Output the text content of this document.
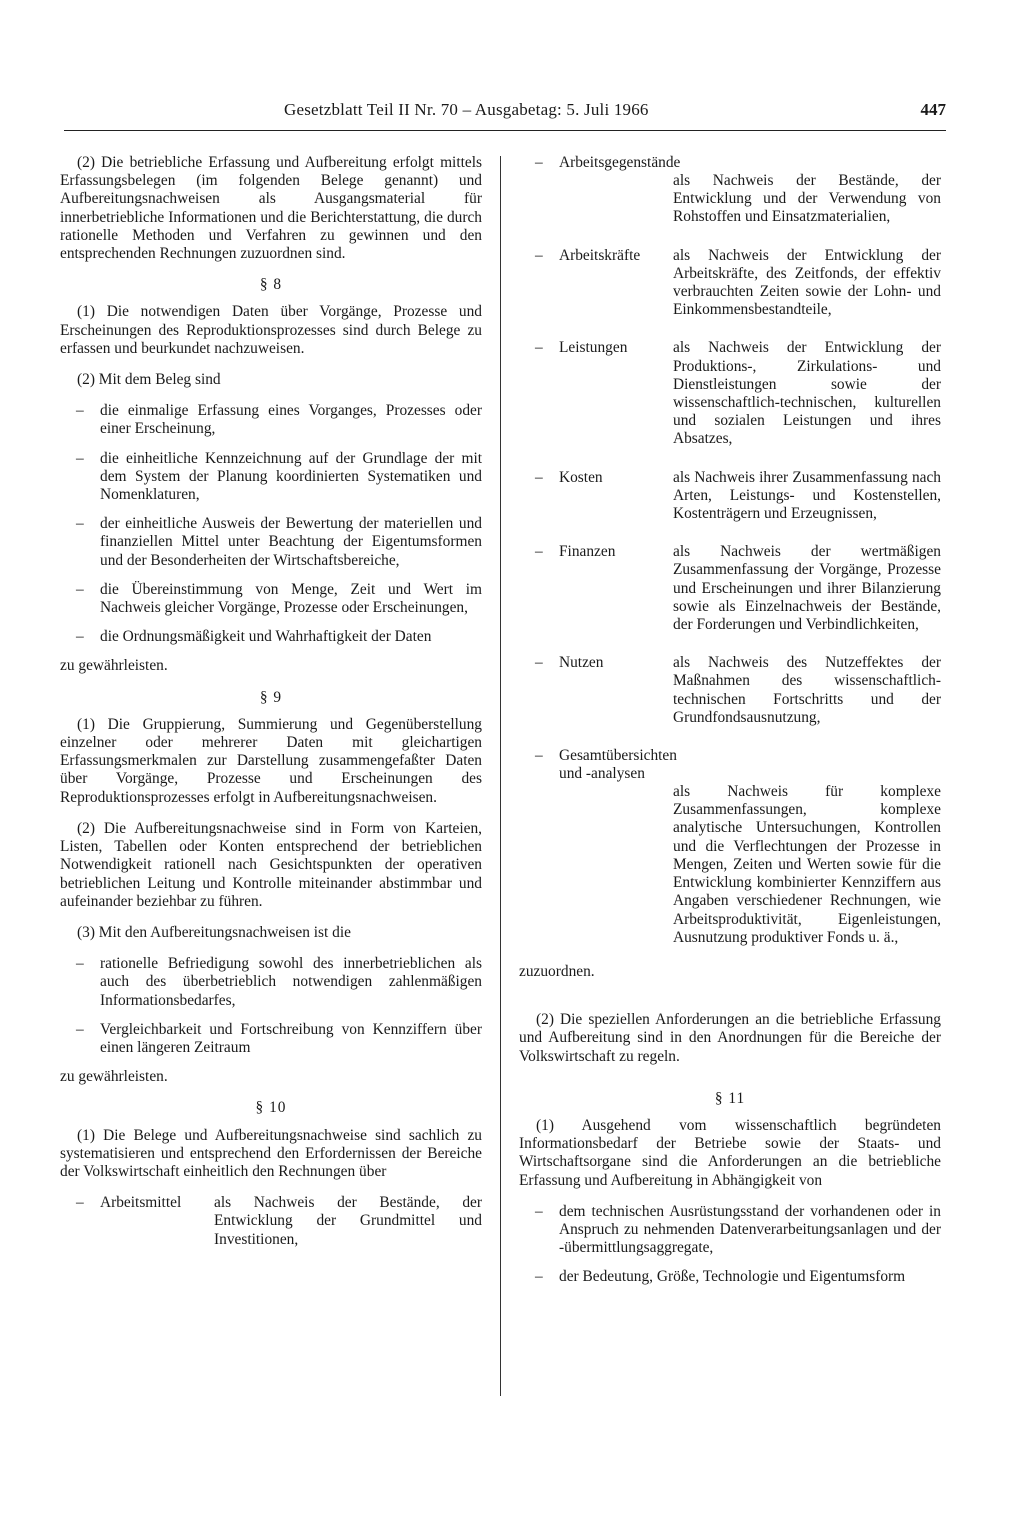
Gesetzblatt Teil II Nr. 70 – Ausgabetag: 5. Juli 1966	447

(2) Die betriebliche Erfassung und Aufbereitung erfolgt mittels Erfassungsbelegen (im folgenden Belege genannt) und Aufbereitungsnachweisen als Ausgangsmaterial für innerbetriebliche Informationen und die Berichterstattung, die durch rationelle Methoden und Verfahren zu gewinnen und den entsprechenden Rechnungen zuzuordnen sind.

§ 8

(1) Die notwendigen Daten über Vorgänge, Prozesse und Erscheinungen des Reproduktionsprozesses sind durch Belege zu erfassen und beurkundet nachzuweisen.

(2) Mit dem Beleg sind

– die einmalige Erfassung eines Vorganges, Prozesses oder einer Erscheinung,
– die einheitliche Kennzeichnung auf der Grundlage der mit dem System der Planung koordinierten Systematiken und Nomenklaturen,
– der einheitliche Ausweis der Bewertung der materiellen und finanziellen Mittel unter Beachtung der Eigentumsformen und der Besonderheiten der Wirtschaftsbereiche,
– die Übereinstimmung von Menge, Zeit und Wert im Nachweis gleicher Vorgänge, Prozesse oder Erscheinungen,
– die Ordnungsmäßigkeit und Wahrhaftigkeit der Daten

zu gewährleisten.

§ 9

(1) Die Gruppierung, Summierung und Gegenüberstellung einzelner oder mehrerer Daten mit gleichartigen Erfassungsmerkmalen zur Darstellung zusammengefaßter Daten über Vorgänge, Prozesse und Erscheinungen des Reproduktionsprozesses erfolgt in Aufbereitungsnachweisen.

(2) Die Aufbereitungsnachweise sind in Form von Karteien, Listen, Tabellen oder Konten entsprechend der betrieblichen Notwendigkeit rationell nach Gesichtspunkten der operativen betrieblichen Leitung und Kontrolle miteinander abstimmbar und aufeinander beziehbar zu führen.

(3) Mit den Aufbereitungsnachweisen ist die

– rationelle Befriedigung sowohl des innerbetrieblichen als auch des überbetrieblich notwendigen zahlenmäßigen Informationsbedarfes,
– Vergleichbarkeit und Fortschreibung von Kennziffern über einen längeren Zeitraum

zu gewährleisten.

§ 10

(1) Die Belege und Aufbereitungsnachweise sind sachlich zu systematisieren und entsprechend den Erfordernissen der Bereiche der Volkswirtschaft einheitlich den Rechnungen über

– Arbeitsmittel	als Nachweis der Bestände, der Entwicklung der Grundmittel und Investitionen,
– Arbeitsgegenstände
als Nachweis der Bestände, der Entwicklung und der Verwendung von Rohstoffen und Einsatzmaterialien,
– Arbeitskräfte	als Nachweis der Entwicklung der Arbeitskräfte, des Zeitfonds, der effektiv verbrauchten Zeiten sowie der Lohn- und Einkommensbestandteile,
– Leistungen	als Nachweis der Entwicklung der Produktions-, Zirkulations- und Dienstleistungen sowie der wissenschaftlich-technischen, kulturellen und sozialen Leistungen und ihres Absatzes,
– Kosten	als Nachweis ihrer Zusammenfassung nach Arten, Leistungs- und Kostenstellen, Kostenträgern und Erzeugnissen,
– Finanzen	als Nachweis der wertmäßigen Zusammenfassung der Vorgänge, Prozesse und Erscheinungen und ihrer Bilanzierung sowie als Einzelnachweis der Bestände, der Forderungen und Verbindlichkeiten,
– Nutzen	als Nachweis des Nutzeffektes der Maßnahmen des wissenschaftlich-technischen Fortschritts und der Grundfondsausnutzung,
– Gesamtübersichten und -analysen
als Nachweis für komplexe Zusammenfassungen, komplexe analytische Untersuchungen, Kontrollen und die Verflechtungen der Prozesse in Mengen, Zeiten und Werten sowie für die Entwicklung kombinierter Kennziffern aus Angaben verschiedener Rechnungen, wie Arbeitsproduktivität, Eigenleistungen, Ausnutzung produktiver Fonds u. ä.,

zuzuordnen.

(2) Die speziellen Anforderungen an die betriebliche Erfassung und Aufbereitung sind in den Anordnungen für die Bereiche der Volkswirtschaft zu regeln.

§ 11

(1) Ausgehend vom wissenschaftlich begründeten Informationsbedarf der Betriebe sowie der Staats- und Wirtschaftsorgane sind die Anforderungen an die betriebliche Erfassung und Aufbereitung in Abhängigkeit von

– dem technischen Ausrüstungsstand der vorhandenen oder in Anspruch zu nehmenden Datenverarbeitungsanlagen und der -übermittlungsaggregate,
– der Bedeutung, Größe, Technologie und Eigentumsform
